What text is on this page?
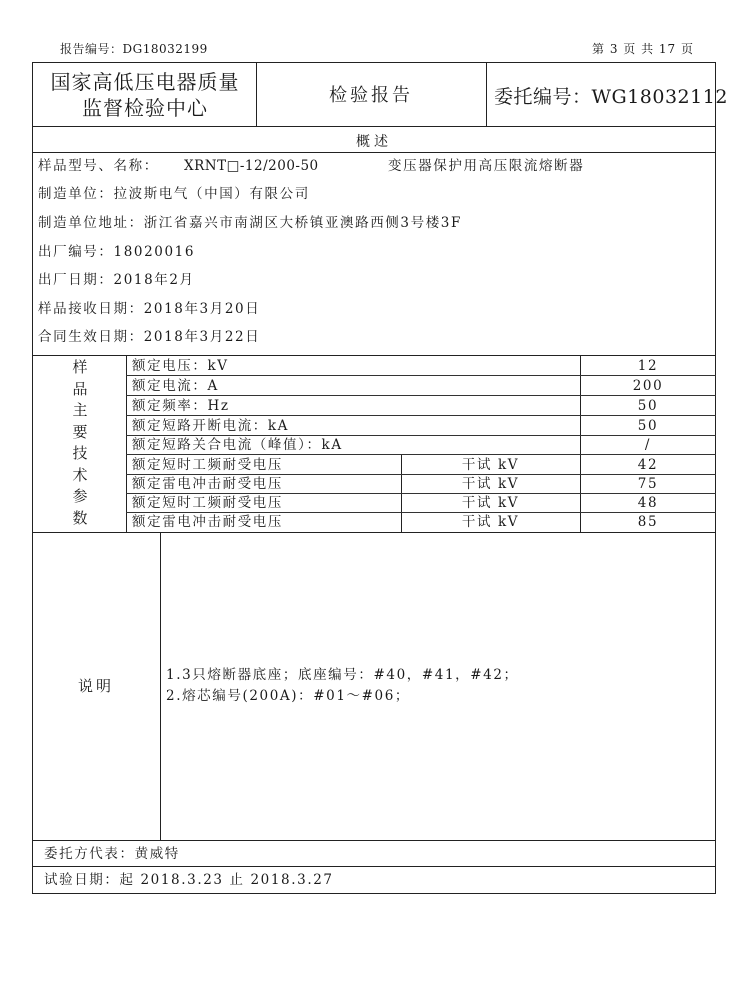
报告编号：DG18032199	第 3 页 共 17 页
国家高低压电器质量
监督检验中心
检验报告	委托编号：WG18032112
概述
样品型号、名称： XRNT□-12/200-50	变压器保护用高压限流熔断器
制造单位：拉波斯电气（中国）有限公司
制造单位地址：浙江省嘉兴市南湖区大桥镇亚澳路西侧3号楼3F
出厂编号：18020016
出厂日期：2018年2月
样品接收日期：2018年3月20日
合同生效日期：2018年3月22日
样
品
主
要
技
术
参
数
额定电压：kV	12
额定电流：A	200
额定频率：Hz	50
额定短路开断电流：kA	50
额定短路关合电流（峰值）：kA	/
额定短时工频耐受电压	干试 kV	42
额定雷电冲击耐受电压	干试 kV	75
额定短时工频耐受电压	干试 kV	48
额定雷电冲击耐受电压	干试 kV	85
说明
1.3只熔断器底座；底座编号：#40，#41，#42；
2.熔芯编号(200A)：#01～#06；
委托方代表：黄威特
试验日期：起 2018.3.23 止 2018.3.27
